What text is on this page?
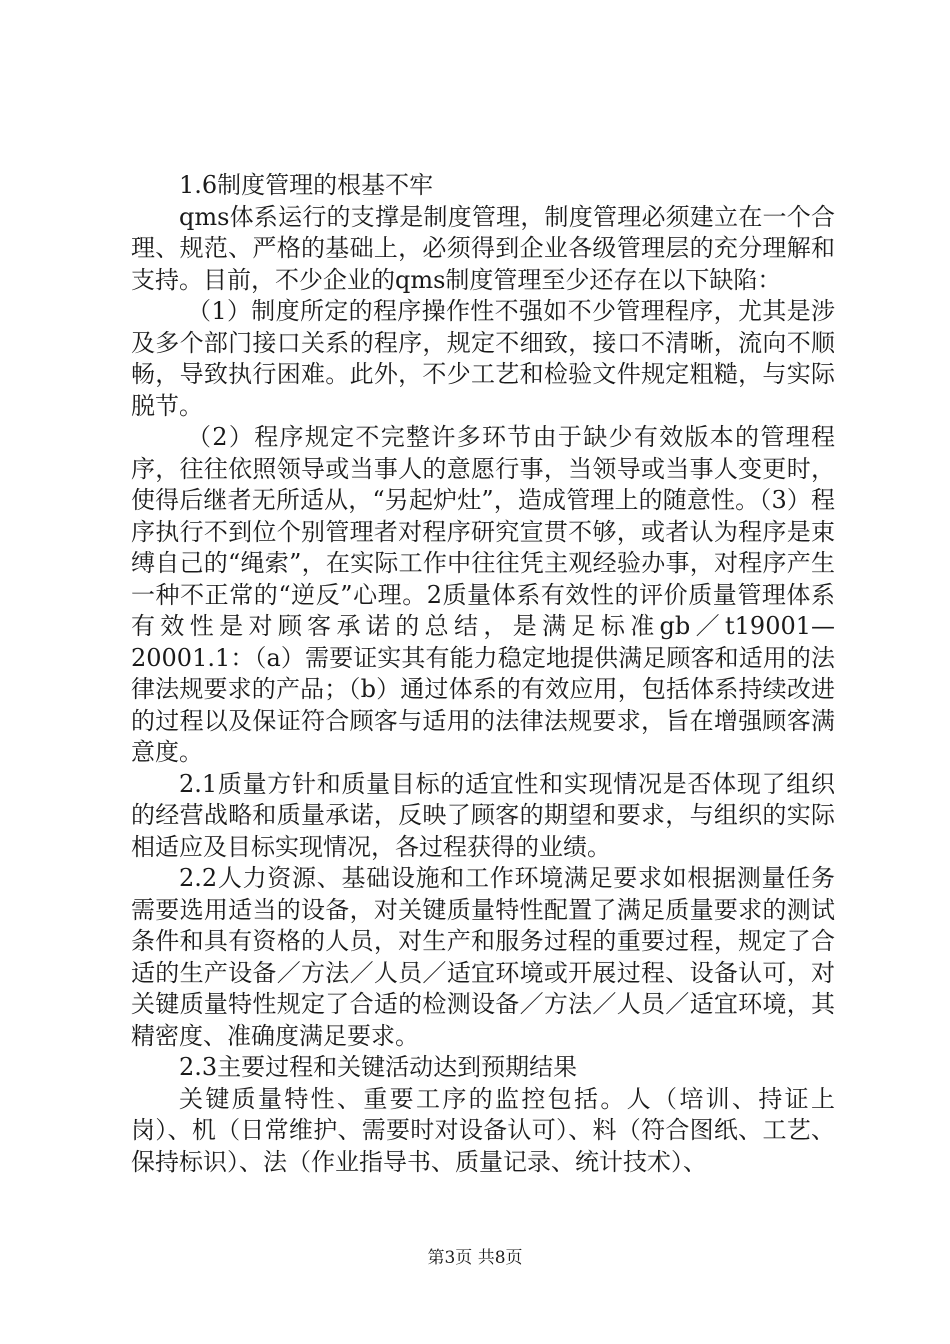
1.6制度管理的根基不牢

qms体系运行的支撑是制度管理，制度管理必须建立在一个合理、规范、严格的基础上，必须得到企业各级管理层的充分理解和支持。目前，不少企业的qms制度管理至少还存在以下缺陷：

（1）制度所定的程序操作性不强如不少管理程序，尤其是涉及多个部门接口关系的程序，规定不细致，接口不清晰，流向不顺畅，导致执行困难。此外，不少工艺和检验文件规定粗糙，与实际脱节。

（2）程序规定不完整许多环节由于缺少有效版本的管理程序，往往依照领导或当事人的意愿行事，当领导或当事人变更时，使得后继者无所适从，“另起炉灶”，造成管理上的随意性。（3）程序执行不到位个别管理者对程序研究宣贯不够，或者认为程序是束缚自己的“绳索”，在实际工作中往往凭主观经验办事，对程序产生一种不正常的“逆反”心理。2质量体系有效性的评价质量管理体系有效性是对顾客承诺的总结，是满足标准gb／t19001—20001.1：（a）需要证实其有能力稳定地提供满足顾客和适用的法律法规要求的产品；（b）通过体系的有效应用，包括体系持续改进的过程以及保证符合顾客与适用的法律法规要求，旨在增强顾客满意度。

2.1质量方针和质量目标的适宜性和实现情况是否体现了组织的经营战略和质量承诺，反映了顾客的期望和要求，与组织的实际相适应及目标实现情况，各过程获得的业绩。

2.2人力资源、基础设施和工作环境满足要求如根据测量任务需要选用适当的设备，对关键质量特性配置了满足质量要求的测试条件和具有资格的人员，对生产和服务过程的重要过程，规定了合适的生产设备／方法／人员／适宜环境或开展过程、设备认可，对关键质量特性规定了合适的检测设备／方法／人员／适宜环境，其精密度、准确度满足要求。

2.3主要过程和关键活动达到预期结果

关键质量特性、重要工序的监控包括。人（培训、持证上岗）、机（日常维护、需要时对设备认可）、料（符合图纸、工艺、保持标识）、法（作业指导书、质量记录、统计技术）、

第3页 共8页
